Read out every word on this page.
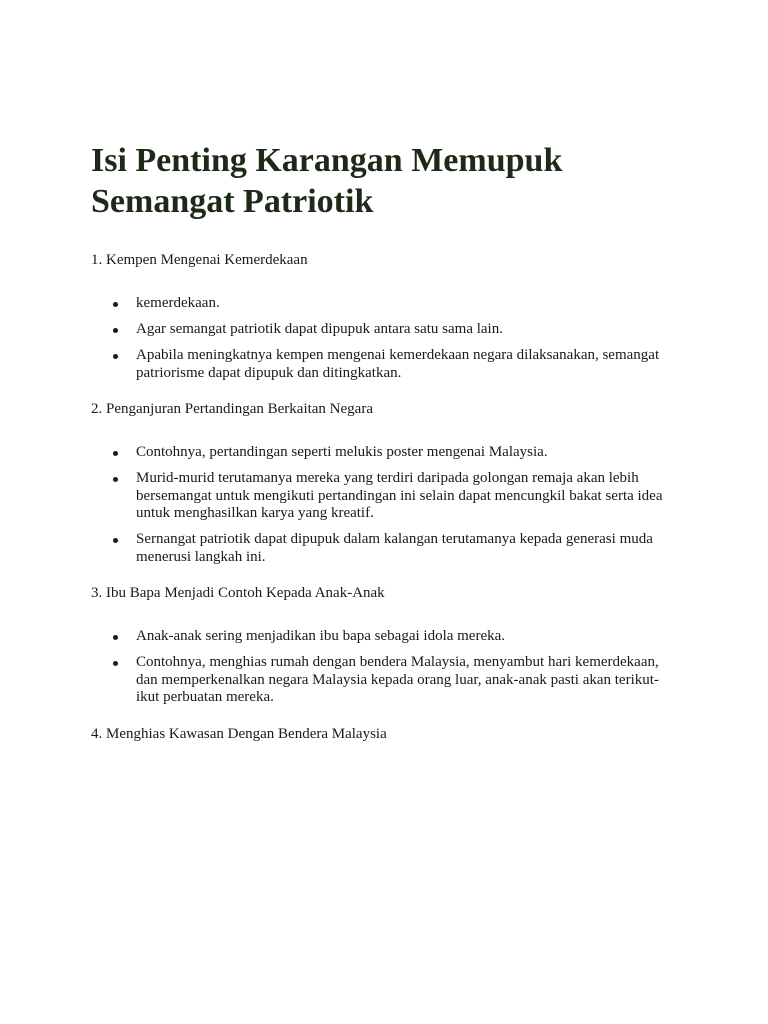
Isi Penting Karangan Memupuk
Semangat Patriotik

1. Kempen Mengenai Kemerdekaan

kemerdekaan.
Agar semangat patriotik dapat dipupuk antara satu sama lain.
Apabila meningkatnya kempen mengenai kemerdekaan negara dilaksanakan, semangat patriorisme dapat dipupuk dan ditingkatkan.

2. Penganjuran Pertandingan Berkaitan Negara

Contohnya, pertandingan seperti melukis poster mengenai Malaysia.
Murid-murid terutamanya mereka yang terdiri daripada golongan remaja akan lebih bersemangat untuk mengikuti pertandingan ini selain dapat mencungkil bakat serta idea untuk menghasilkan karya yang kreatif.
Sernangat patriotik dapat dipupuk dalam kalangan terutamanya kepada generasi muda menerusi langkah ini.

3. Ibu Bapa Menjadi Contoh Kepada Anak-Anak

Anak-anak sering menjadikan ibu bapa sebagai idola mereka.
Contohnya, menghias rumah dengan bendera Malaysia, menyambut hari kemerdekaan, dan memperkenalkan negara Malaysia kepada orang luar, anak-anak pasti akan terikut-ikut perbuatan mereka.

4. Menghias Kawasan Dengan Bendera Malaysia
